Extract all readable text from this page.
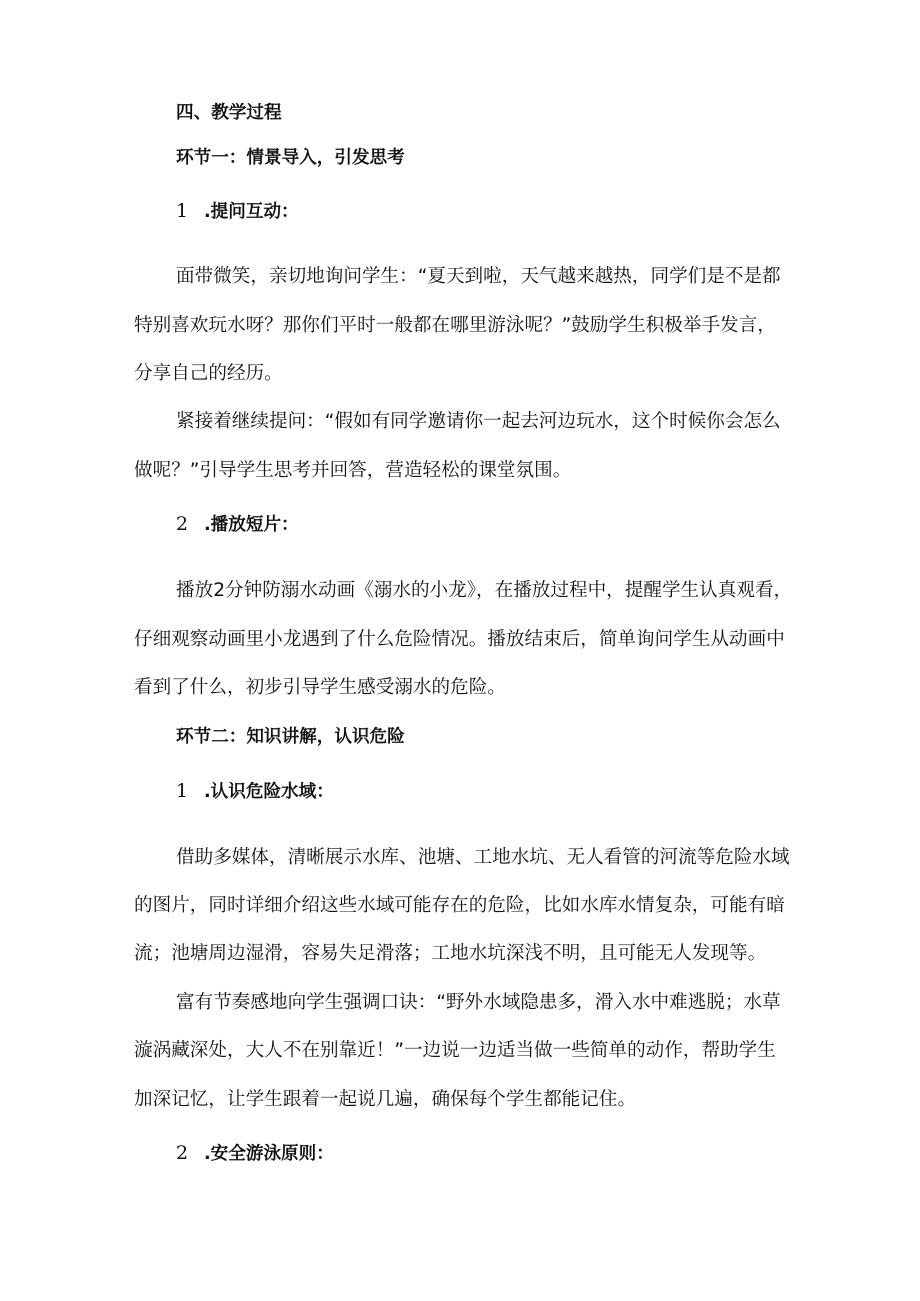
四、教学过程
环节一：情景导入，引发思考
1 .提问互动：
面带微笑，亲切地询问学生：“夏天到啦，天气越来越热，同学们是不是都
特别喜欢玩水呀？那你们平时一般都在哪里游泳呢？”鼓励学生积极举手发言，
分享自己的经历。
紧接着继续提问：“假如有同学邀请你一起去河边玩水，这个时候你会怎么
做呢？”引导学生思考并回答，营造轻松的课堂氛围。
2 .播放短片：
播放2分钟防溺水动画《溺水的小龙》，在播放过程中，提醒学生认真观看，
仔细观察动画里小龙遇到了什么危险情况。播放结束后，简单询问学生从动画中
看到了什么，初步引导学生感受溺水的危险。
环节二：知识讲解，认识危险
1 .认识危险水域：
借助多媒体，清晰展示水库、池塘、工地水坑、无人看管的河流等危险水域
的图片，同时详细介绍这些水域可能存在的危险，比如水库水情复杂，可能有暗
流；池塘周边湿滑，容易失足滑落；工地水坑深浅不明，且可能无人发现等。
富有节奏感地向学生强调口诀：“野外水域隐患多，滑入水中难逃脱；水草
漩涡藏深处，大人不在别靠近！”一边说一边适当做一些简单的动作，帮助学生
加深记忆，让学生跟着一起说几遍，确保每个学生都能记住。
2 .安全游泳原则：
